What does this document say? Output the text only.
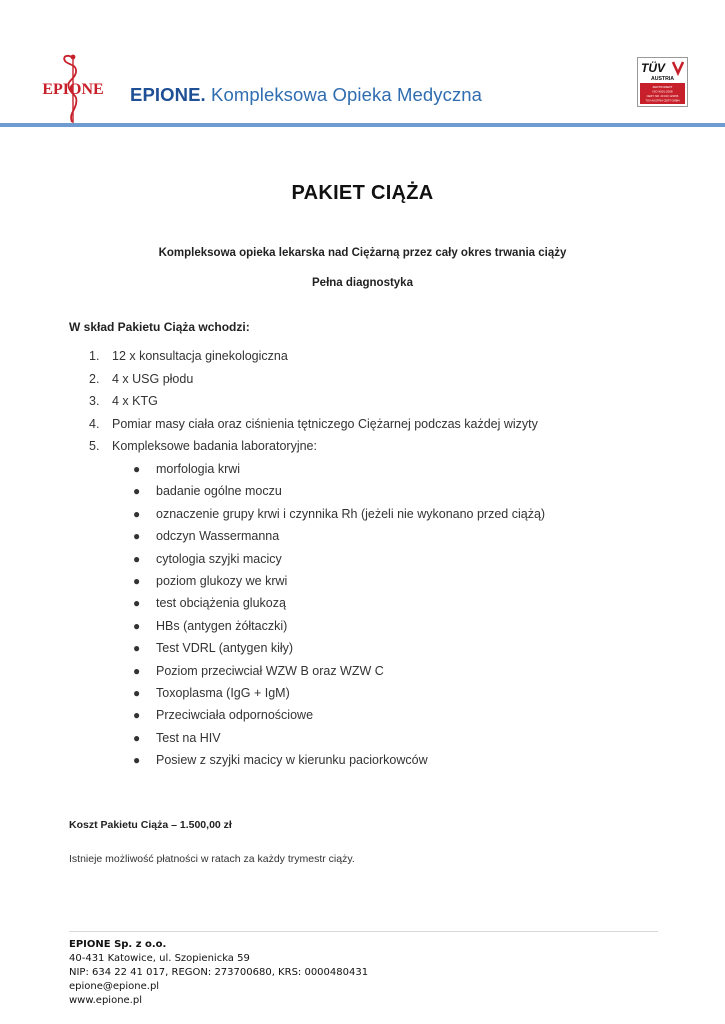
EPIONE EPIONE. Kompleksowa Opieka Medyczna
TÜV
AUSTRIA
ZERTIFIZIERT
ISO 9001:2008
CERT. NR. 20 100 123456
TÜV AUSTRIA CERT GMBH
PAKIET CIĄŻA
Kompleksowa opieka lekarska nad Ciężarną przez cały okres trwania ciąży
Pełna diagnostyka
W skład Pakietu Ciąża wchodzi:
1. 12 x konsultacja ginekologiczna
2. 4 x USG płodu
3. 4 x KTG
4. Pomiar masy ciała oraz ciśnienia tętniczego Ciężarnej podczas każdej wizyty
5. Kompleksowe badania laboratoryjne:
● morfologia krwi
● badanie ogólne moczu
● oznaczenie grupy krwi i czynnika Rh (jeżeli nie wykonano przed ciążą)
● odczyn Wassermanna
● cytologia szyjki macicy
● poziom glukozy we krwi
● test obciążenia glukozą
● HBs (antygen żółtaczki)
● Test VDRL (antygen kiły)
● Poziom przeciwciał WZW B oraz WZW C
● Toxoplasma (IgG + IgM)
● Przeciwciała odpornościowe
● Test na HIV
● Posiew z szyjki macicy w kierunku paciorkowców
Koszt Pakietu Ciąża – 1.500,00 zł
Istnieje możliwość płatności w ratach za każdy trymestr ciąży.
EPIONE Sp. z o.o.
40-431 Katowice, ul. Szopienicka 59
NIP: 634 22 41 017, REGON: 273700680, KRS: 0000480431
epione@epione.pl
www.epione.pl
